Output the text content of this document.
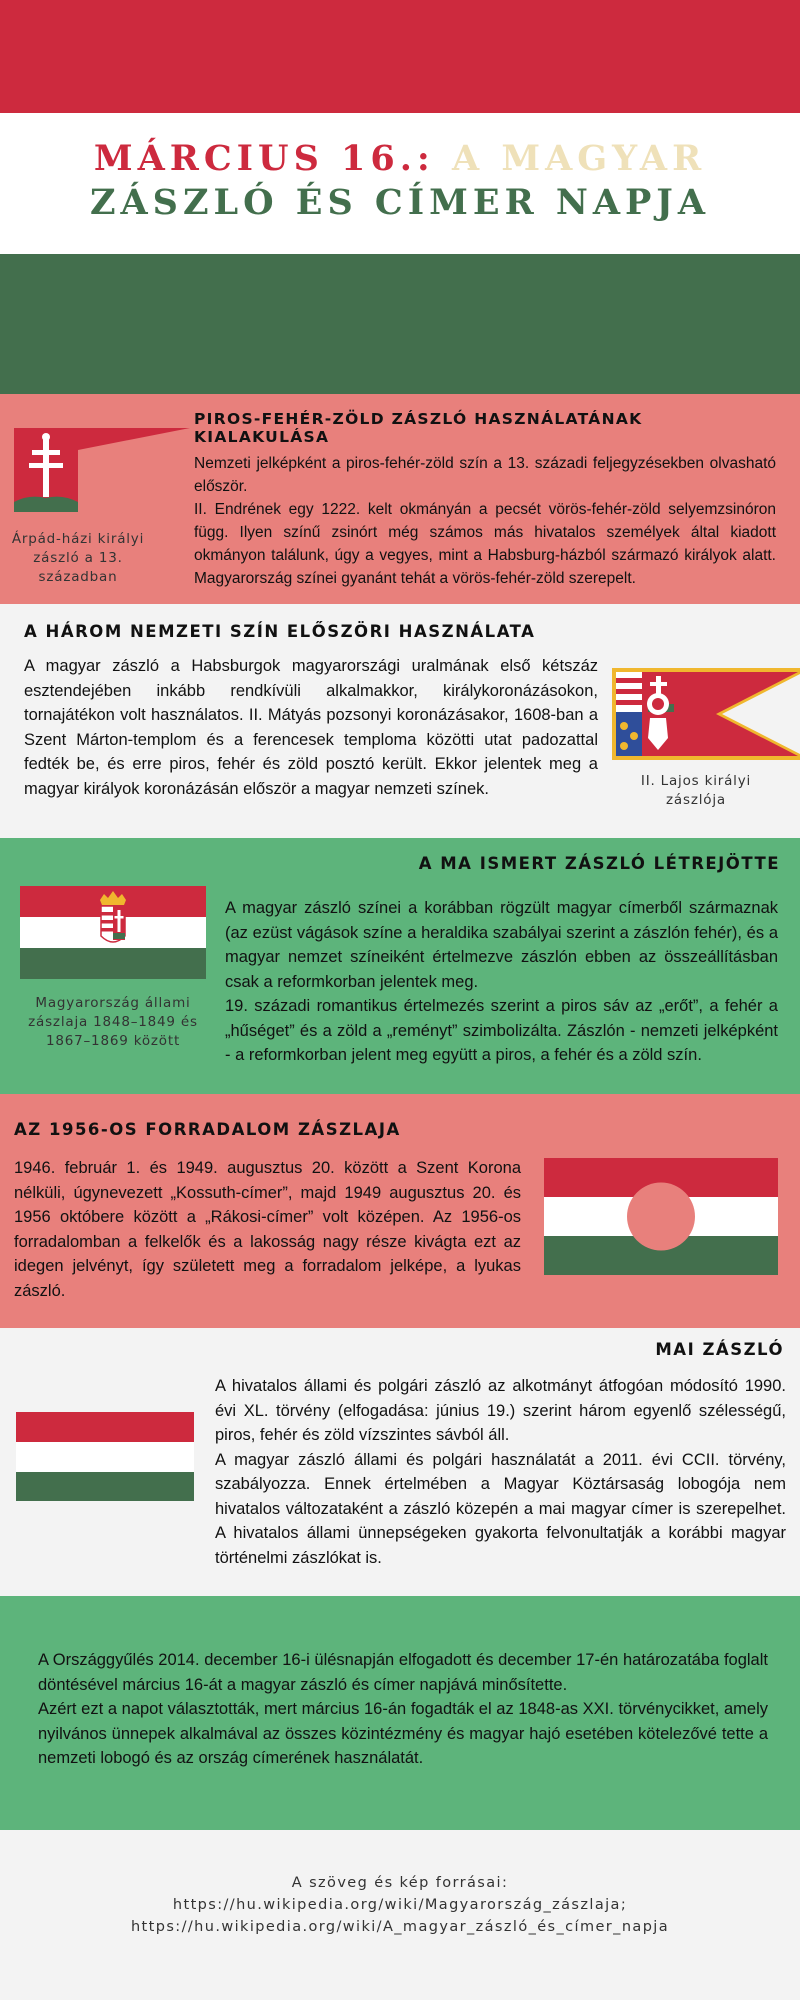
MÁRCIUS 16.: A MAGYAR
ZÁSZLÓ ÉS CÍMER NAPJA
Árpád-házi királyi zászló a 13. században
PIROS-FEHÉR-ZÖLD ZÁSZLÓ HASZNÁLATÁNAK KIALAKULÁSA

Nemzeti jelképként a piros-fehér-zöld szín a 13. századi feljegyzésekben olvasható először.

II. Endrének egy 1222. kelt okmányán a pecsét vörös-fehér-zöld selyemzsinóron függ. Ilyen színű zsinórt még számos más hivatalos személyek által kiadott okmányon találunk, úgy a vegyes, mint a Habsburg-házból származó királyok alatt. Magyarország színei gyanánt tehát a vörös-fehér-zöld szerepelt.

A HÁROM NEMZETI SZÍN ELŐSZÖRI HASZNÁLATA

A magyar zászló a Habsburgok magyarországi uralmának első kétszáz esztendejében inkább rendkívüli alkalmakkor, királykoronázásokon, tornajátékon volt használatos. II. Mátyás pozsonyi koronázásakor, 1608-ban a Szent Márton-templom és a ferencesek temploma közötti utat padozattal fedték be, és erre piros, fehér és zöld posztó került. Ekkor jelentek meg a magyar királyok koronázásán először a magyar nemzeti színek.	II. Lajos királyi zászlója
A MA ISMERT ZÁSZLÓ LÉTREJÖTTE
Magyarország állami zászlaja 1848–1849 és 1867–1869 között

A magyar zászló színei a korábban rögzült magyar címerből származnak (az ezüst vágások színe a heraldika szabályai szerint a zászlón fehér), és a magyar nemzet színeiként értelmezve zászlón ebben az összeállításban csak a reformkorban jelentek meg.

19. századi romantikus értelmezés szerint a piros sáv az „erőt”, a fehér a „hűséget” és a zöld a „reményt” szimbolizálta. Zászlón - nemzeti jelképként - a reformkorban jelent meg együtt a piros, a fehér és a zöld szín.

AZ 1956-OS FORRADALOM ZÁSZLAJA

1946. február 1. és 1949. augusztus 20. között a Szent Korona nélküli, úgynevezett „Kossuth-címer”, majd 1949 augusztus 20. és 1956 októbere között a „Rákosi-címer” volt középen. Az 1956-os forradalomban a felkelők és a lakosság nagy része kivágta ezt az idegen jelvényt, így született meg a forradalom jelképe, a lyukas zászló.

MAI ZÁSZLÓ

A hivatalos állami és polgári zászló az alkotmányt átfogóan módosító 1990. évi XL. törvény (elfogadása: június 19.) szerint három egyenlő szélességű, piros, fehér és zöld vízszintes sávból áll.

A magyar zászló állami és polgári használatát a 2011. évi CCII. törvény, szabályozza. Ennek értelmében a Magyar Köztársaság lobogója nem hivatalos változataként a zászló közepén a mai magyar címer is szerepelhet. A hivatalos állami ünnepségeken gyakorta felvonultatják a korábbi magyar történelmi zászlókat is.

A Országgyűlés 2014. december 16-i ülésnapján elfogadott és december 17-én határozatába foglalt döntésével március 16-át a magyar zászló és címer napjává minősítette.

Azért ezt a napot választották, mert március 16-án fogadták el az 1848-as XXI. törvénycikket, amely nyilvános ünnepek alkalmával az összes közintézmény és magyar hajó esetében kötelezővé tette a nemzeti lobogó és az ország címerének használatát.

A szöveg és kép forrásai:
https://hu.wikipedia.org/wiki/Magyarország_zászlaja;
https://hu.wikipedia.org/wiki/A_magyar_zászló_és_címer_napja
